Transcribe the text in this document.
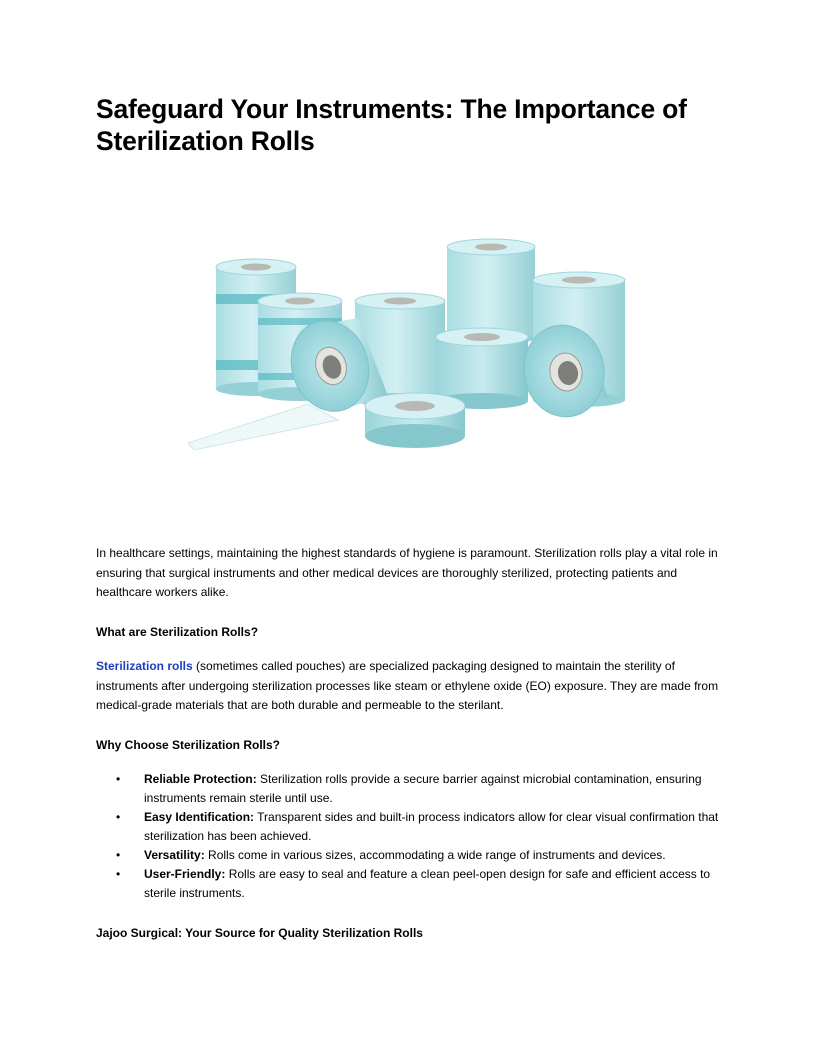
Safeguard Your Instruments: The Importance of Sterilization Rolls

In healthcare settings, maintaining the highest standards of hygiene is paramount. Sterilization rolls play a vital role in ensuring that surgical instruments and other medical devices are thoroughly sterilized, protecting patients and healthcare workers alike.

What are Sterilization Rolls?

Sterilization rolls (sometimes called pouches) are specialized packaging designed to maintain the sterility of instruments after undergoing sterilization processes like steam or ethylene oxide (EO) exposure. They are made from medical-grade materials that are both durable and permeable to the sterilant.

Why Choose Sterilization Rolls?

• Reliable Protection: Sterilization rolls provide a secure barrier against microbial contamination, ensuring instruments remain sterile until use.
• Easy Identification: Transparent sides and built-in process indicators allow for clear visual confirmation that sterilization has been achieved.
• Versatility: Rolls come in various sizes, accommodating a wide range of instruments and devices.
• User-Friendly: Rolls are easy to seal and feature a clean peel-open design for safe and efficient access to sterile instruments.

Jajoo Surgical: Your Source for Quality Sterilization Rolls
